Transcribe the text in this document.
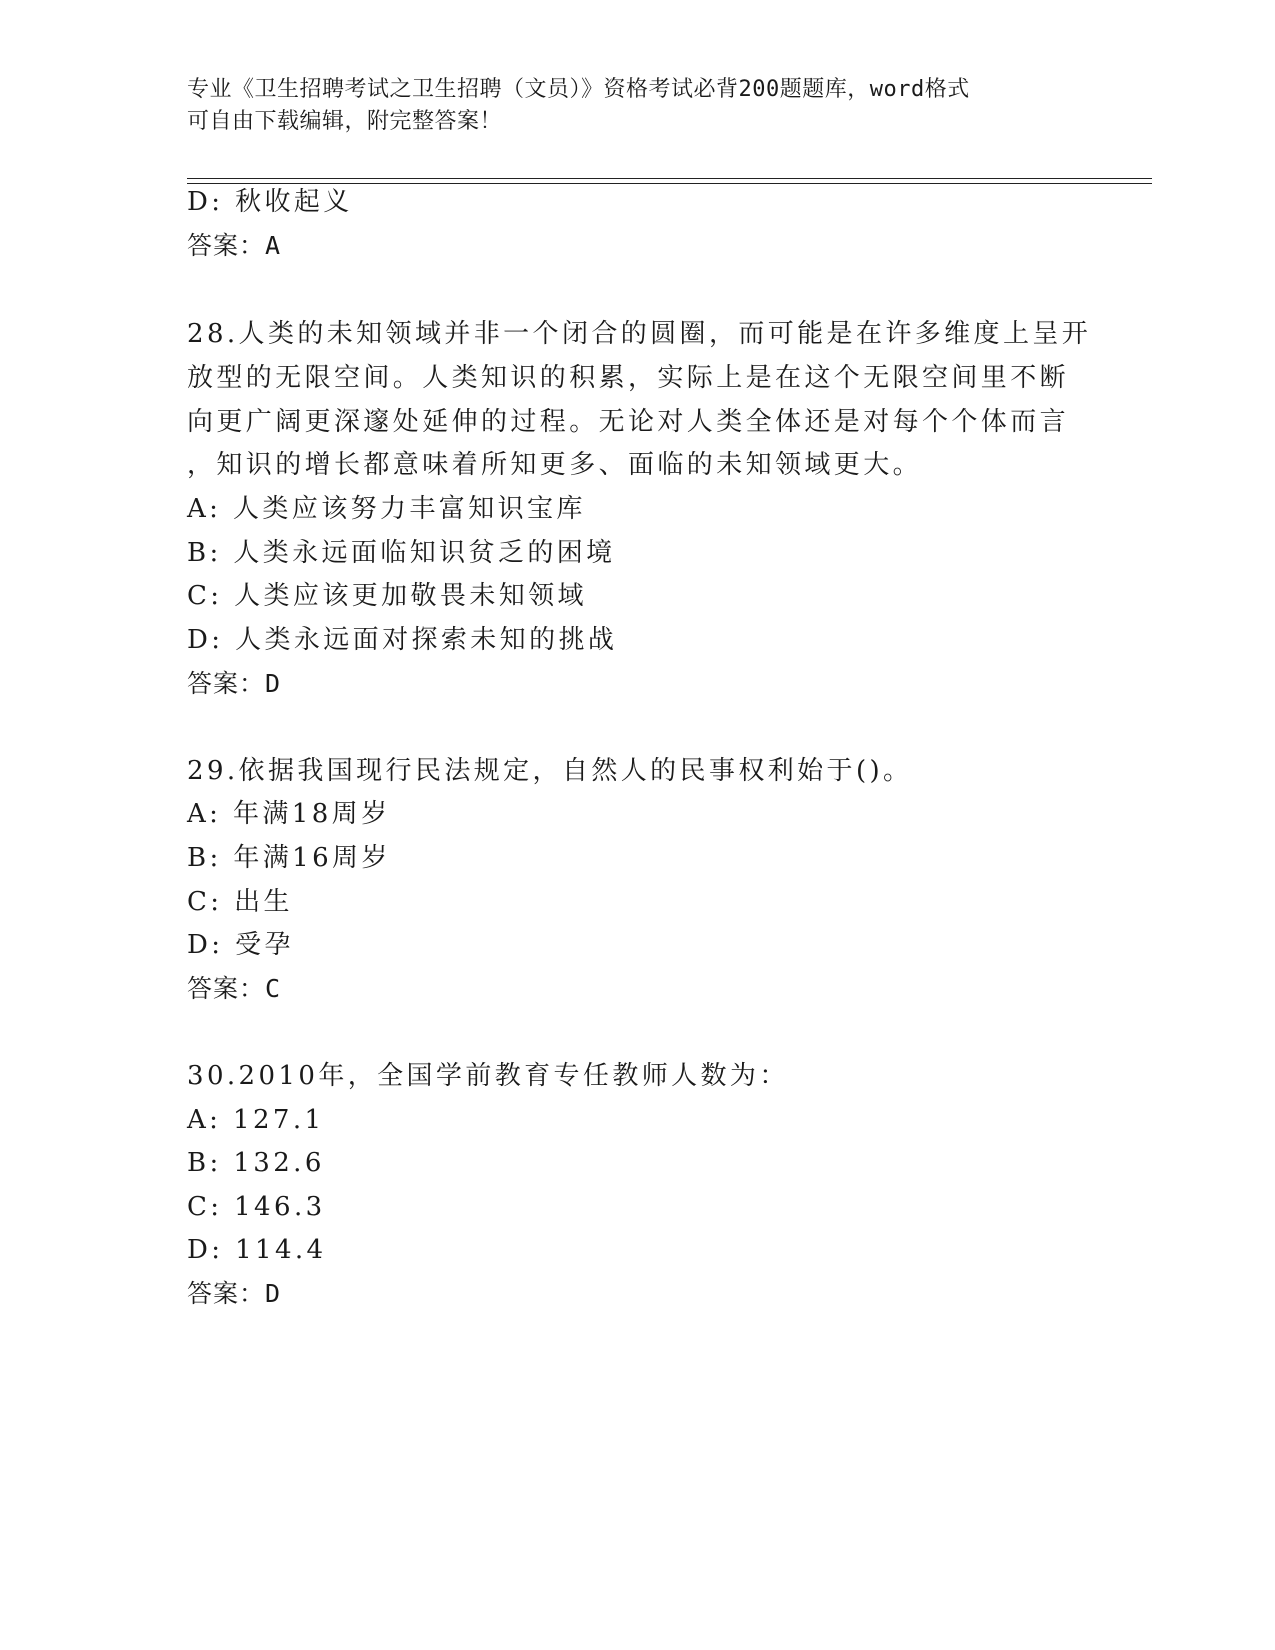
专业《卫生招聘考试之卫生招聘（文员）》资格考试必背200题题库，word格式
可自由下载编辑，附完整答案！
D: 秋收起义
答案：A
28.人类的未知领域并非一个闭合的圆圈，而可能是在许多维度上呈开
放型的无限空间。人类知识的积累，实际上是在这个无限空间里不断
向更广阔更深邃处延伸的过程。无论对人类全体还是对每个个体而言
，知识的增长都意味着所知更多、面临的未知领域更大。
A: 人类应该努力丰富知识宝库
B: 人类永远面临知识贫乏的困境
C: 人类应该更加敬畏未知领域
D: 人类永远面对探索未知的挑战
答案：D
29.依据我国现行民法规定，自然人的民事权利始于()。
A: 年满18周岁
B: 年满16周岁
C: 出生
D: 受孕
答案：C
30.2010年，全国学前教育专任教师人数为：
A: 127.1
B: 132.6
C: 146.3
D: 114.4
答案：D
